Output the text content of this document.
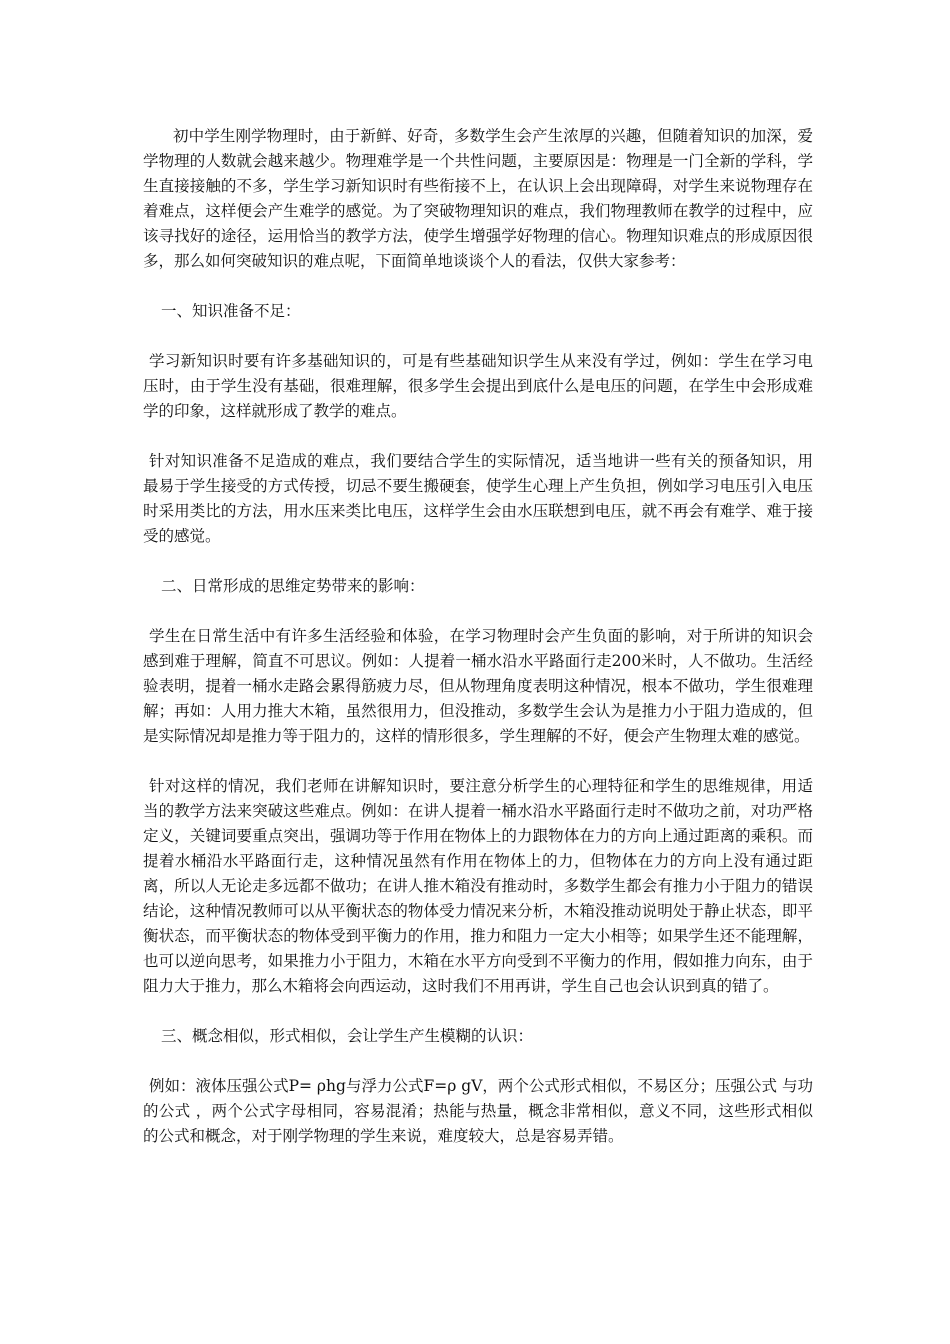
初中学生刚学物理时，由于新鲜、好奇，多数学生会产生浓厚的兴趣，但随着知识的加深，爱学物理的人数就会越来越少。物理难学是一个共性问题，主要原因是：物理是一门全新的学科，学生直接接触的不多，学生学习新知识时有些衔接不上，在认识上会出现障碍，对学生来说物理存在着难点，这样便会产生难学的感觉。为了突破物理知识的难点，我们物理教师在教学的过程中，应该寻找好的途径，运用恰当的教学方法，使学生增强学好物理的信心。物理知识难点的形成原因很多，那么如何突破知识的难点呢，下面简单地谈谈个人的看法，仅供大家参考：

一、知识准备不足：

学习新知识时要有许多基础知识的，可是有些基础知识学生从来没有学过，例如：学生在学习电压时，由于学生没有基础，很难理解，很多学生会提出到底什么是电压的问题，在学生中会形成难学的印象，这样就形成了教学的难点。

针对知识准备不足造成的难点，我们要结合学生的实际情况，适当地讲一些有关的预备知识，用最易于学生接受的方式传授，切忌不要生搬硬套，使学生心理上产生负担，例如学习电压引入电压时采用类比的方法，用水压来类比电压，这样学生会由水压联想到电压，就不再会有难学、难于接受的感觉。

二、日常形成的思维定势带来的影响：

学生在日常生活中有许多生活经验和体验，在学习物理时会产生负面的影响，对于所讲的知识会感到难于理解，简直不可思议。例如：人提着一桶水沿水平路面行走200米时，人不做功。生活经验表明，提着一桶水走路会累得筋疲力尽，但从物理角度表明这种情况，根本不做功，学生很难理解；再如：人用力推大木箱，虽然很用力，但没推动，多数学生会认为是推力小于阻力造成的，但是实际情况却是推力等于阻力的，这样的情形很多，学生理解的不好，便会产生物理太难的感觉。

针对这样的情况，我们老师在讲解知识时，要注意分析学生的心理特征和学生的思维规律，用适当的教学方法来突破这些难点。例如：在讲人提着一桶水沿水平路面行走时不做功之前，对功严格定义，关键词要重点突出，强调功等于作用在物体上的力跟物体在力的方向上通过距离的乘积。而提着水桶沿水平路面行走，这种情况虽然有作用在物体上的力，但物体在力的方向上没有通过距离，所以人无论走多远都不做功；在讲人推木箱没有推动时，多数学生都会有推力小于阻力的错误结论，这种情况教师可以从平衡状态的物体受力情况来分析，木箱没推动说明处于静止状态，即平衡状态，而平衡状态的物体受到平衡力的作用，推力和阻力一定大小相等；如果学生还不能理解，也可以逆向思考，如果推力小于阻力，木箱在水平方向受到不平衡力的作用，假如推力向东，由于阻力大于推力，那么木箱将会向西运动，这时我们不用再讲，学生自己也会认识到真的错了。

三、概念相似，形式相似，会让学生产生模糊的认识：

例如：液体压强公式P= ρhg与浮力公式F=ρ gV，两个公式形式相似，不易区分；压强公式 与功的公式 ，两个公式字母相同，容易混淆；热能与热量，概念非常相似，意义不同，这些形式相似的公式和概念，对于刚学物理的学生来说，难度较大，总是容易弄错。
